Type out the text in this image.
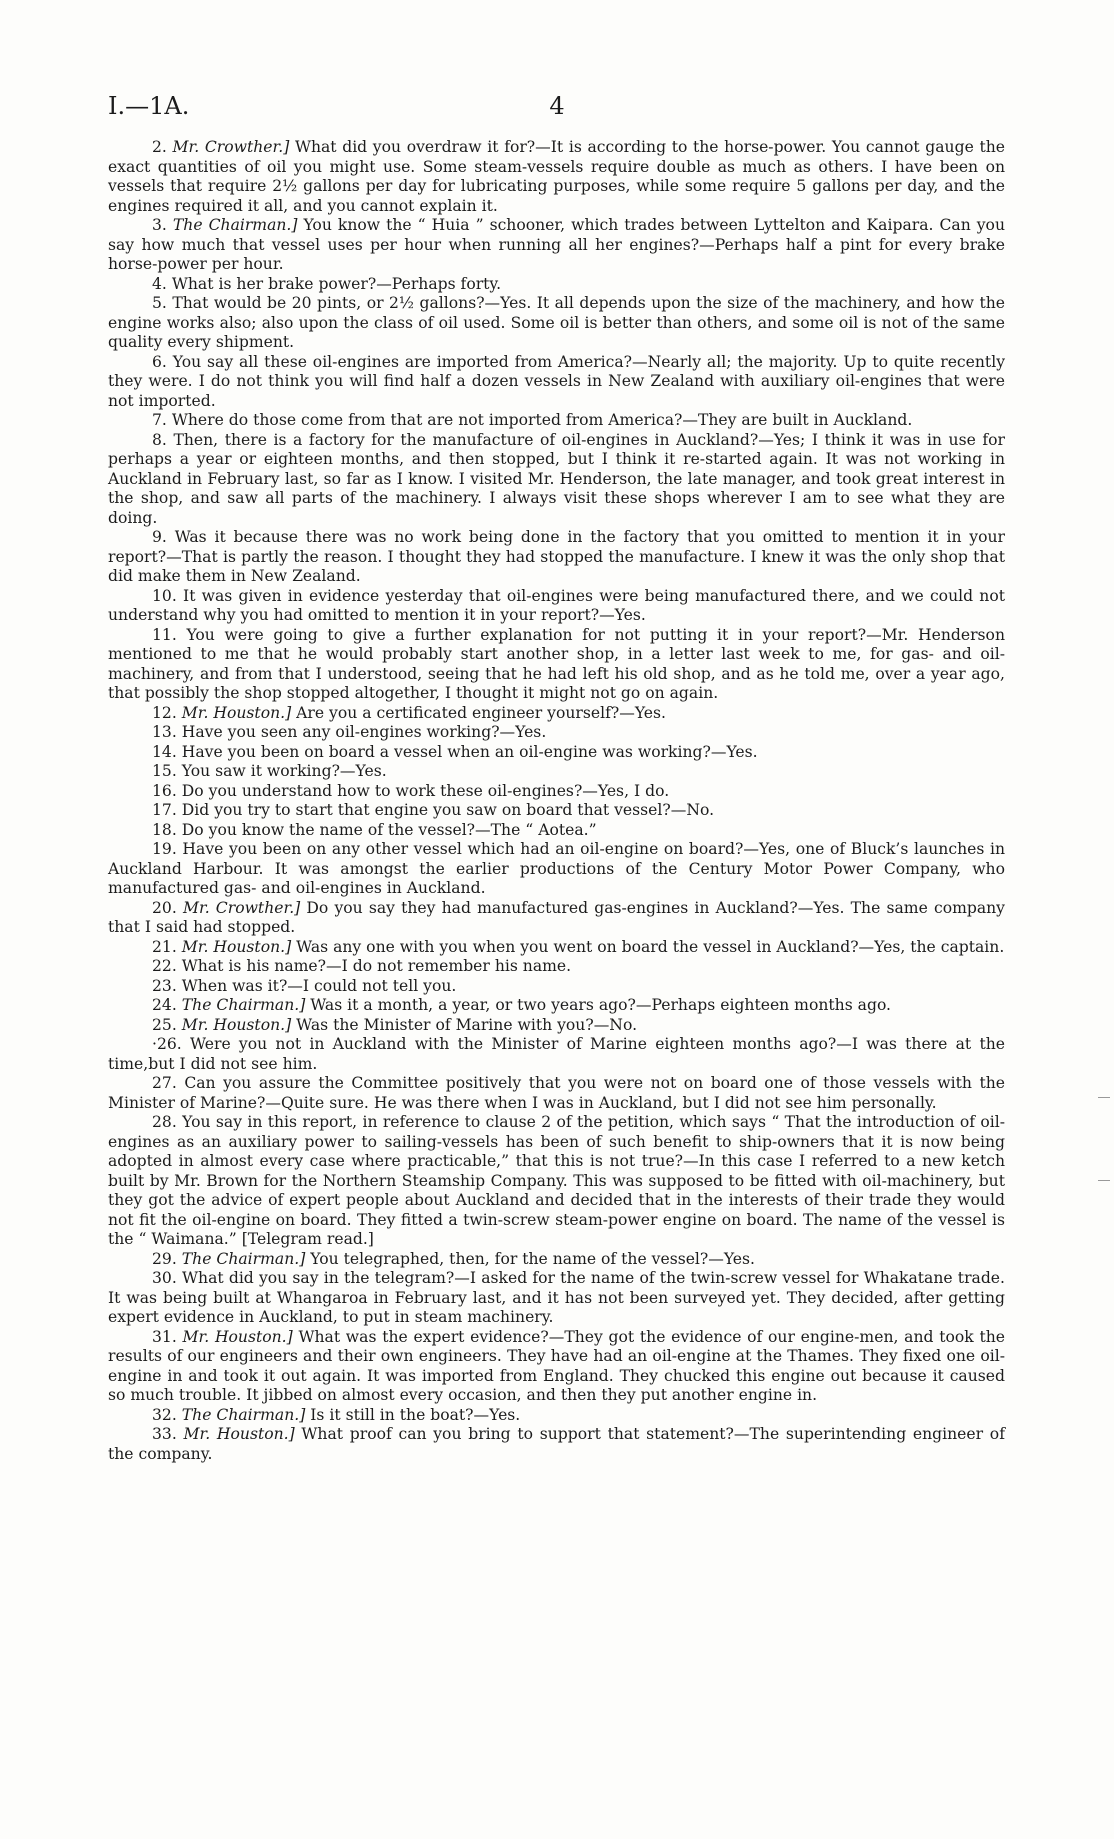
I.—1A.	4

2. Mr. Crowther.] What did you overdraw it for?—It is according to the horse-power. You cannot gauge the exact quantities of oil you might use. Some steam-vessels require double as much as others. I have been on vessels that require 2½ gallons per day for lubricating purposes, while some require 5 gallons per day, and the engines required it all, and you cannot explain it.

3. The Chairman.] You know the “ Huia ” schooner, which trades between Lyttelton and Kaipara. Can you say how much that vessel uses per hour when running all her engines?—Perhaps half a pint for every brake horse-power per hour.

4. What is her brake power?—Perhaps forty.

5. That would be 20 pints, or 2½ gallons?—Yes. It all depends upon the size of the machinery, and how the engine works also; also upon the class of oil used. Some oil is better than others, and some oil is not of the same quality every shipment.

6. You say all these oil-engines are imported from America?—Nearly all; the majority. Up to quite recently they were. I do not think you will find half a dozen vessels in New Zealand with auxiliary oil-engines that were not imported.

7. Where do those come from that are not imported from America?—They are built in Auckland.

8. Then, there is a factory for the manufacture of oil-engines in Auckland?—Yes; I think it was in use for perhaps a year or eighteen months, and then stopped, but I think it re-started again. It was not working in Auckland in February last, so far as I know. I visited Mr. Henderson, the late manager, and took great interest in the shop, and saw all parts of the machinery. I always visit these shops wherever I am to see what they are doing.

9. Was it because there was no work being done in the factory that you omitted to mention it in your report?—That is partly the reason. I thought they had stopped the manufacture. I knew it was the only shop that did make them in New Zealand.

10. It was given in evidence yesterday that oil-engines were being manufactured there, and we could not understand why you had omitted to mention it in your report?—Yes.

11. You were going to give a further explanation for not putting it in your report?—Mr. Henderson mentioned to me that he would probably start another shop, in a letter last week to me, for gas- and oil-machinery, and from that I understood, seeing that he had left his old shop, and as he told me, over a year ago, that possibly the shop stopped altogether, I thought it might not go on again.

12. Mr. Houston.] Are you a certificated engineer yourself?—Yes.

13. Have you seen any oil-engines working?—Yes.

14. Have you been on board a vessel when an oil-engine was working?—Yes.

15. You saw it working?—Yes.

16. Do you understand how to work these oil-engines?—Yes, I do.

17. Did you try to start that engine you saw on board that vessel?—No.

18. Do you know the name of the vessel?—The “ Aotea.”

19. Have you been on any other vessel which had an oil-engine on board?—Yes, one of Bluck’s launches in Auckland Harbour. It was amongst the earlier productions of the Century Motor Power Company, who manufactured gas- and oil-engines in Auckland.

20. Mr. Crowther.] Do you say they had manufactured gas-engines in Auckland?—Yes. The same company that I said had stopped.

21. Mr. Houston.] Was any one with you when you went on board the vessel in Auckland?—Yes, the captain.

22. What is his name?—I do not remember his name.

23. When was it?—I could not tell you.

24. The Chairman.] Was it a month, a year, or two years ago?—Perhaps eighteen months ago.

25. Mr. Houston.] Was the Minister of Marine with you?—No.

·26. Were you not in Auckland with the Minister of Marine eighteen months ago?—I was there at the time,but I did not see him.

27. Can you assure the Committee positively that you were not on board one of those vessels with the Minister of Marine?—Quite sure. He was there when I was in Auckland, but I did not see him personally.

28. You say in this report, in reference to clause 2 of the petition, which says “ That the introduction of oil-engines as an auxiliary power to sailing-vessels has been of such benefit to ship-owners that it is now being adopted in almost every case where practicable,” that this is not true?—In this case I referred to a new ketch built by Mr. Brown for the Northern Steamship Company. This was supposed to be fitted with oil-machinery, but they got the advice of expert people about Auckland and decided that in the interests of their trade they would not fit the oil-engine on board. They fitted a twin-screw steam-power engine on board. The name of the vessel is the “ Waimana.” [Telegram read.]

29. The Chairman.] You telegraphed, then, for the name of the vessel?—Yes.

30. What did you say in the telegram?—I asked for the name of the twin-screw vessel for Whakatane trade. It was being built at Whangaroa in February last, and it has not been surveyed yet. They decided, after getting expert evidence in Auckland, to put in steam machinery.

31. Mr. Houston.] What was the expert evidence?—They got the evidence of our engine-men, and took the results of our engineers and their own engineers. They have had an oil-engine at the Thames. They fixed one oil-engine in and took it out again. It was imported from England. They chucked this engine out because it caused so much trouble. It jibbed on almost every occasion, and then they put another engine in.

32. The Chairman.] Is it still in the boat?—Yes.

33. Mr. Houston.] What proof can you bring to support that statement?—The superintending engineer of the company.
